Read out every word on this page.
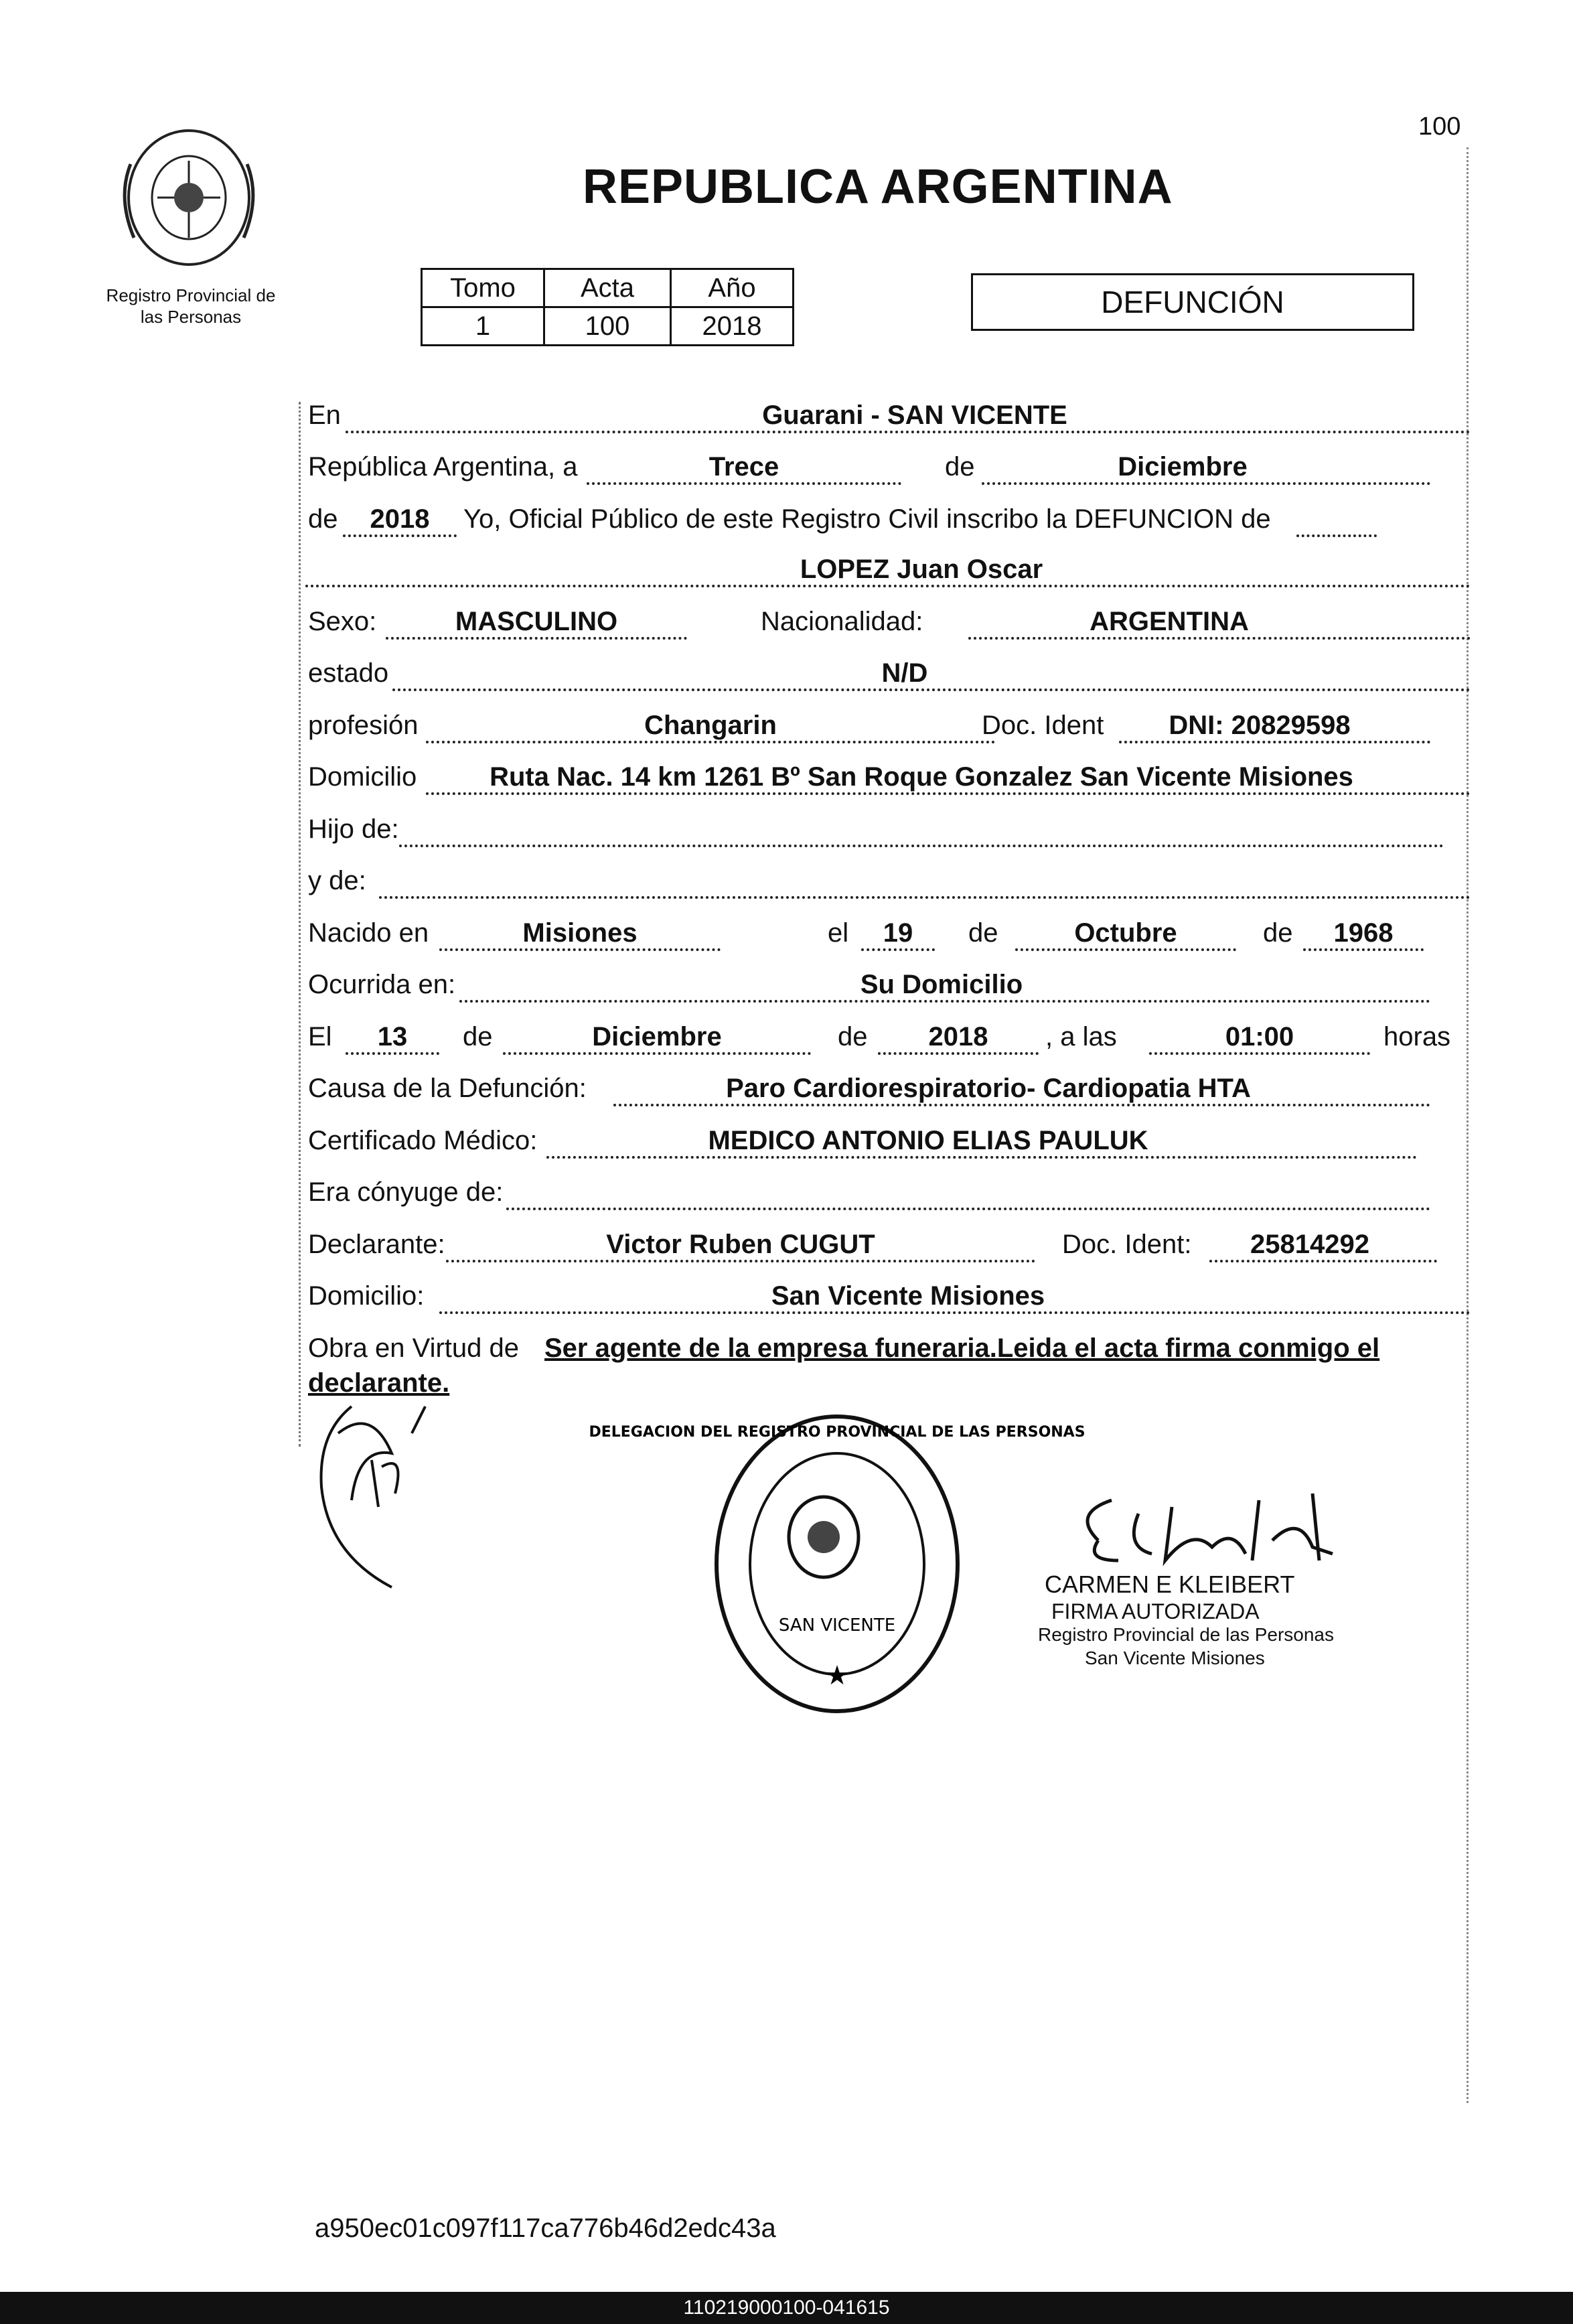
100
Registro Provincial de
las Personas
REPUBLICA ARGENTINA
Tomo	Acta	Año
1	100	2018
DEFUNCIÓN
En	Guarani - SAN VICENTE
República Argentina, a	Trece	de	Diciembre
de	2018	Yo, Oficial Público de este Registro Civil inscribo la DEFUNCION de
LOPEZ Juan Oscar
Sexo:	MASCULINO	Nacionalidad:	ARGENTINA
estado	N/D
profesión	Changarin	Doc. Ident	DNI: 20829598
Domicilio	Ruta Nac. 14 km 1261 Bº San Roque Gonzalez San Vicente Misiones
Hijo de:
y de:
Nacido en	Misiones	el	19	de	Octubre	de	1968
Ocurrida en:	Su Domicilio
El	13	de	Diciembre	de	2018	, a las	01:00	horas
Causa de la Defunción:	Paro Cardiorespiratorio- Cardiopatia HTA
Certificado Médico:	MEDICO ANTONIO ELIAS PAULUK
Era cónyuge de:
Declarante:	Victor Ruben CUGUT	Doc. Ident:	25814292
Domicilio:	San Vicente Misiones
Obra en Virtud de Ser agente de la empresa funeraria.Leida el acta firma conmigo el
declarante.
★
DELEGACION DEL REGISTRO PROVINCIAL DE LAS PERSONAS
SAN VICENTE
CARMEN E KLEIBERT
FIRMA AUTORIZADA
Registro Provincial de las Personas
San Vicente Misiones
a950ec01c097f117ca776b46d2edc43a
110219000100-041615
